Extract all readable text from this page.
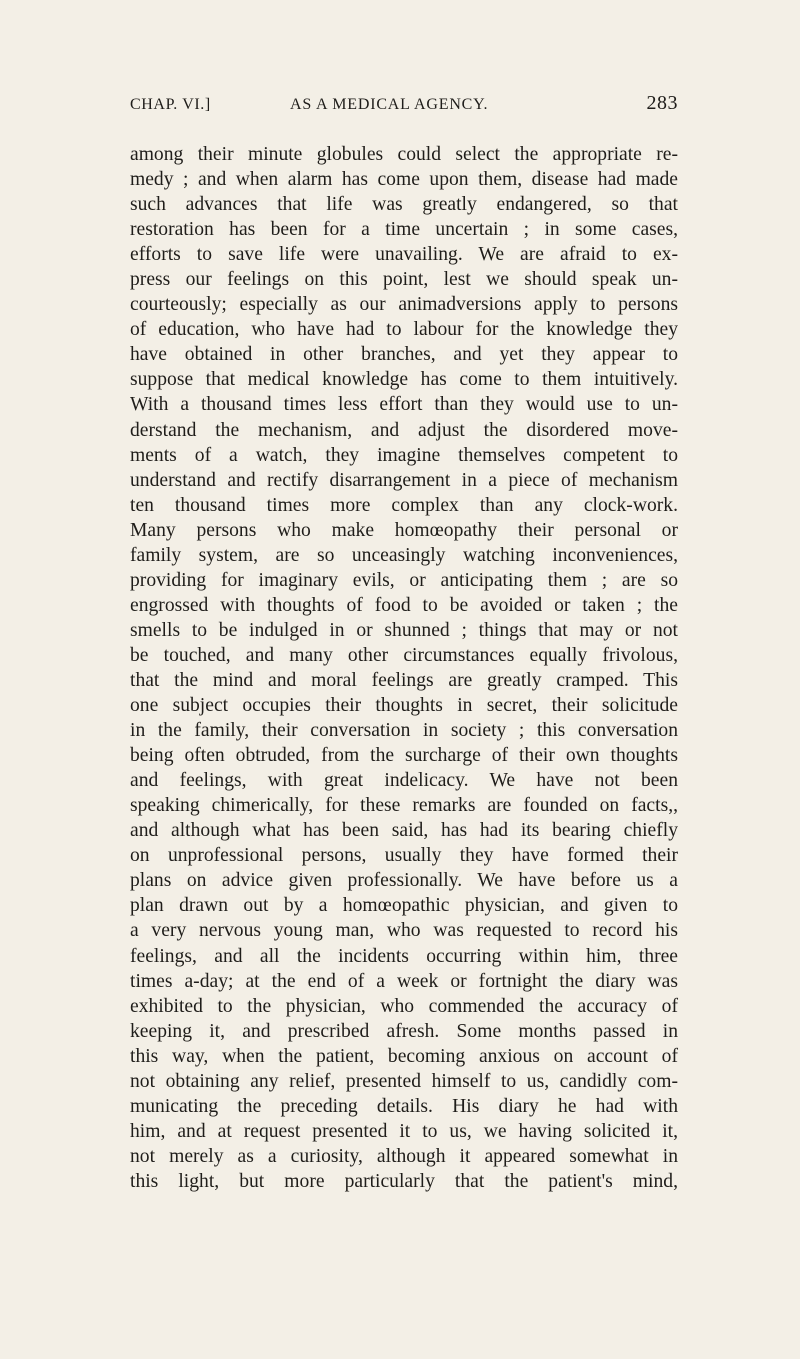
CHAP. VI.]	AS A MEDICAL AGENCY.	283
among their minute globules could select the appropriate re-
medy ; and when alarm has come upon them, disease had made
such advances that life was greatly endangered, so that
restoration has been for a time uncertain ; in some cases,
efforts to save life were unavailing. We are afraid to ex-
press our feelings on this point, lest we should speak un-
courteously; especially as our animadversions apply to persons
of education, who have had to labour for the knowledge they
have obtained in other branches, and yet they appear to
suppose that medical knowledge has come to them intuitively.
With a thousand times less effort than they would use to un-
derstand the mechanism, and adjust the disordered move-
ments of a watch, they imagine themselves competent to
understand and rectify disarrangement in a piece of mechanism
ten thousand times more complex than any clock-work.
Many persons who make homœopathy their personal or
family system, are so unceasingly watching inconveniences,
providing for imaginary evils, or anticipating them ; are so
engrossed with thoughts of food to be avoided or taken ; the
smells to be indulged in or shunned ; things that may or not
be touched, and many other circumstances equally frivolous,
that the mind and moral feelings are greatly cramped. This
one subject occupies their thoughts in secret, their solicitude
in the family, their conversation in society ; this conversation
being often obtruded, from the surcharge of their own thoughts
and feelings, with great indelicacy. We have not been
speaking chimerically, for these remarks are founded on facts,,
and although what has been said, has had its bearing chiefly
on unprofessional persons, usually they have formed their
plans on advice given professionally. We have before us a
plan drawn out by a homœopathic physician, and given to
a very nervous young man, who was requested to record his
feelings, and all the incidents occurring within him, three
times a-day; at the end of a week or fortnight the diary was
exhibited to the physician, who commended the accuracy of
keeping it, and prescribed afresh. Some months passed in
this way, when the patient, becoming anxious on account of
not obtaining any relief, presented himself to us, candidly com-
municating the preceding details. His diary he had with
him, and at request presented it to us, we having solicited it,
not merely as a curiosity, although it appeared somewhat in
this light, but more particularly that the patient's mind,
